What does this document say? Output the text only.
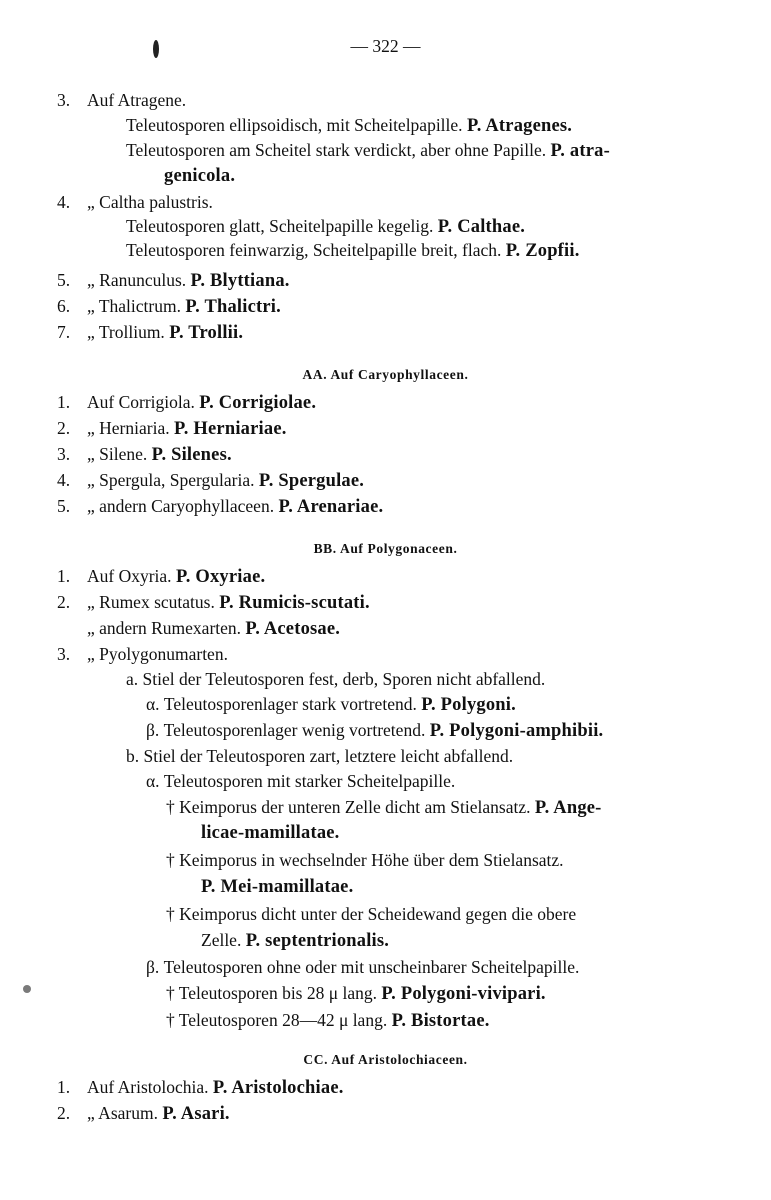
— 322 —
AA. Auf Caryophyllaceen.
BB. Auf Polygonaceen.
CC. Auf Aristolochiaceen.
3. Auf Atragene.
Teleutosporen ellipsoidisch, mit Scheitelpapille. P. Atragenes.
Teleutosporen am Scheitel stark verdickt, aber ohne Papille. P. atra-
genicola.
4. „ Caltha palustris.
Teleutosporen glatt, Scheitelpapille kegelig. P. Calthae.
Teleutosporen feinwarzig, Scheitelpapille breit, flach. P. Zopfii.
5. „ Ranunculus. P. Blyttiana.
6. „ Thalictrum. P. Thalictri.
7. „ Trollium. P. Trollii.
1. Auf Corrigiola. P. Corrigiolae.
2. „ Herniaria. P. Herniariae.
3. „ Silene. P. Silenes.
4. „ Spergula, Spergularia. P. Spergulae.
5. „ andern Caryophyllaceen. P. Arenariae.
1. Auf Oxyria. P. Oxyriae.
2. „ Rumex scutatus. P. Rumicis-scutati.
„ andern Rumexarten. P. Acetosae.
3. „ Pyolygonumarten.
a. Stiel der Teleutosporen fest, derb, Sporen nicht abfallend.
α. Teleutosporenlager stark vortretend. P. Polygoni.
β. Teleutosporenlager wenig vortretend. P. Polygoni-amphibii.
b. Stiel der Teleutosporen zart, letztere leicht abfallend.
α. Teleutosporen mit starker Scheitelpapille.
† Keimporus der unteren Zelle dicht am Stielansatz. P. Ange-
licae-mamillatae.
† Keimporus in wechselnder Höhe über dem Stielansatz.
P. Mei-mamillatae.
† Keimporus dicht unter der Scheidewand gegen die obere
Zelle. P. septentrionalis.
β. Teleutosporen ohne oder mit unscheinbarer Scheitelpapille.
† Teleutosporen bis 28 μ lang. P. Polygoni-vivipari.
† Teleutosporen 28—42 μ lang. P. Bistortae.
1. Auf Aristolochia. P. Aristolochiae.
2. „ Asarum. P. Asari.
